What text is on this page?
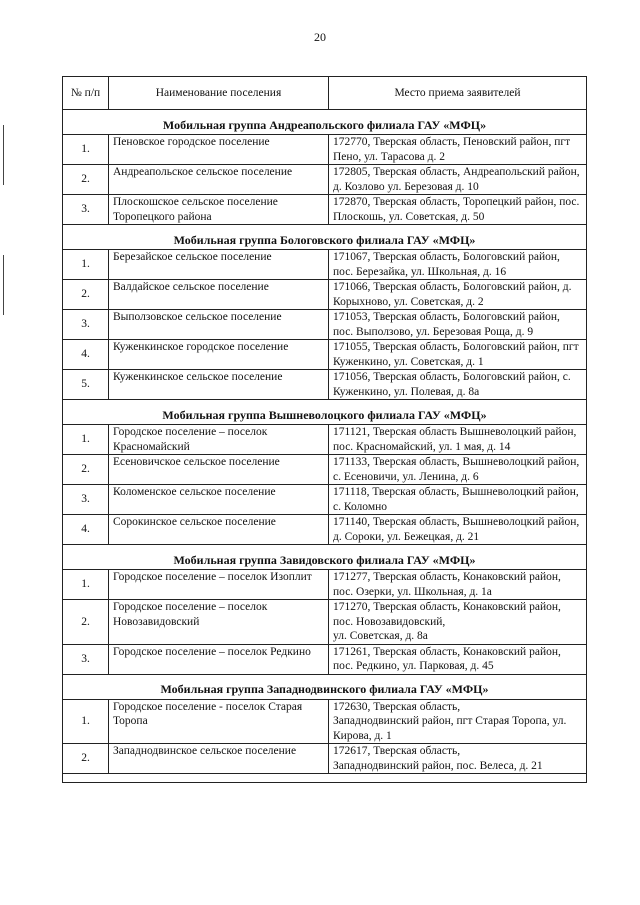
20
№ п/п	Наименование поселения	Место приема заявителей
Мобильная группа Андреапольского филиала ГАУ «МФЦ»		
1.	Пеновское городское поселение	172770, Тверская область, Пеновский район, пгт Пено, ул. Тарасова д. 2
2.	Андреапольское сельское поселение	172805, Тверская область, Андреапольский район, д. Козлово ул. Березовая д. 10
3.	Плоскошское сельское поселение Торопецкого района	172870, Тверская область, Торопецкий район, пос. Плоскошь, ул. Советская, д. 50
Мобильная группа Бологовского филиала ГАУ «МФЦ»		
1.	Березайское сельское поселение	171067, Тверская область, Бологовский район, пос. Березайка, ул. Школьная, д. 16
2.	Валдайское сельское поселение	171066, Тверская область, Бологовский район, д. Корыхново, ул. Советская, д. 2
3.	Выползовское сельское поселение	171053, Тверская область, Бологовский район, пос. Выползово, ул. Березовая Роща, д. 9
4.	Куженкинское городское поселение	171055, Тверская область, Бологовский район, пгт Куженкино, ул. Советская, д. 1
5.	Куженкинское сельское поселение	171056, Тверская область, Бологовский район, с. Куженкино, ул. Полевая, д. 8а
Мобильная группа Вышневолоцкого филиала ГАУ «МФЦ»		
1.	Городское поселение – поселок Красномайский	171121, Тверская область Вышневолоцкий район, пос. Красномайский, ул. 1 мая, д. 14
2.	Есеновичское сельское поселение	171133, Тверская область, Вышневолоцкий район, с. Есеновичи, ул. Ленина, д. 6
3.	Коломенское сельское поселение	171118, Тверская область, Вышневолоцкий район, с. Коломно
4.	Сорокинское сельское поселение	171140, Тверская область, Вышневолоцкий район, д. Сороки, ул. Бежецкая, д. 21
Мобильная группа Завидовского филиала ГАУ «МФЦ»		
1.	Городское поселение – поселок Изоплит	171277, Тверская область, Конаковский район, пос. Озерки, ул. Школьная, д. 1а
2.	Городское поселение – поселок Новозавидовский	171270, Тверская область, Конаковский район, пос. Новозавидовский,
ул. Советская, д. 8а
3.	Городское поселение – поселок Редкино	171261, Тверская область, Конаковский район, пос. Редкино, ул. Парковая, д. 45
Мобильная группа Западнодвинского филиала ГАУ «МФЦ»		
1.	Городское поселение - поселок Старая Торопа	172630, Тверская область,
Западнодвинский район, пгт Старая Торопа, ул. Кирова, д. 1
2.	Западнодвинское сельское поселение	172617, Тверская область,
Западнодвинский район, пос. Велеса, д. 21
